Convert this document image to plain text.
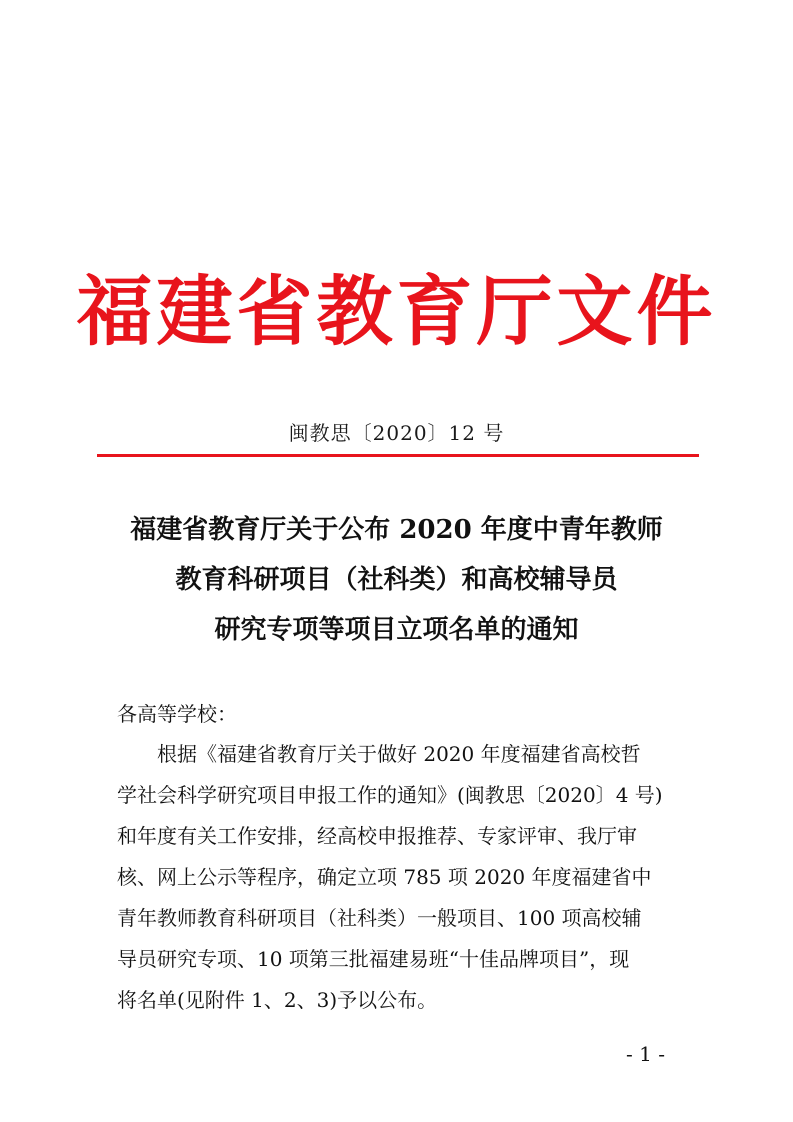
福建省教育厅文件
闽教思〔2020〕12 号
福建省教育厅关于公布 2020 年度中青年教师
教育科研项目（社科类）和高校辅导员
研究专项等项目立项名单的通知
各高等学校：
根据《福建省教育厅关于做好 2020 年度福建省高校哲
学社会科学研究项目申报工作的通知》(闽教思〔2020〕4 号)
和年度有关工作安排，经高校申报推荐、专家评审、我厅审
核、网上公示等程序，确定立项 785 项 2020 年度福建省中
青年教师教育科研项目（社科类）一般项目、100 项高校辅
导员研究专项、10 项第三批福建易班“十佳品牌项目”，现
将名单(见附件 1、2、3)予以公布。
- 1 -
